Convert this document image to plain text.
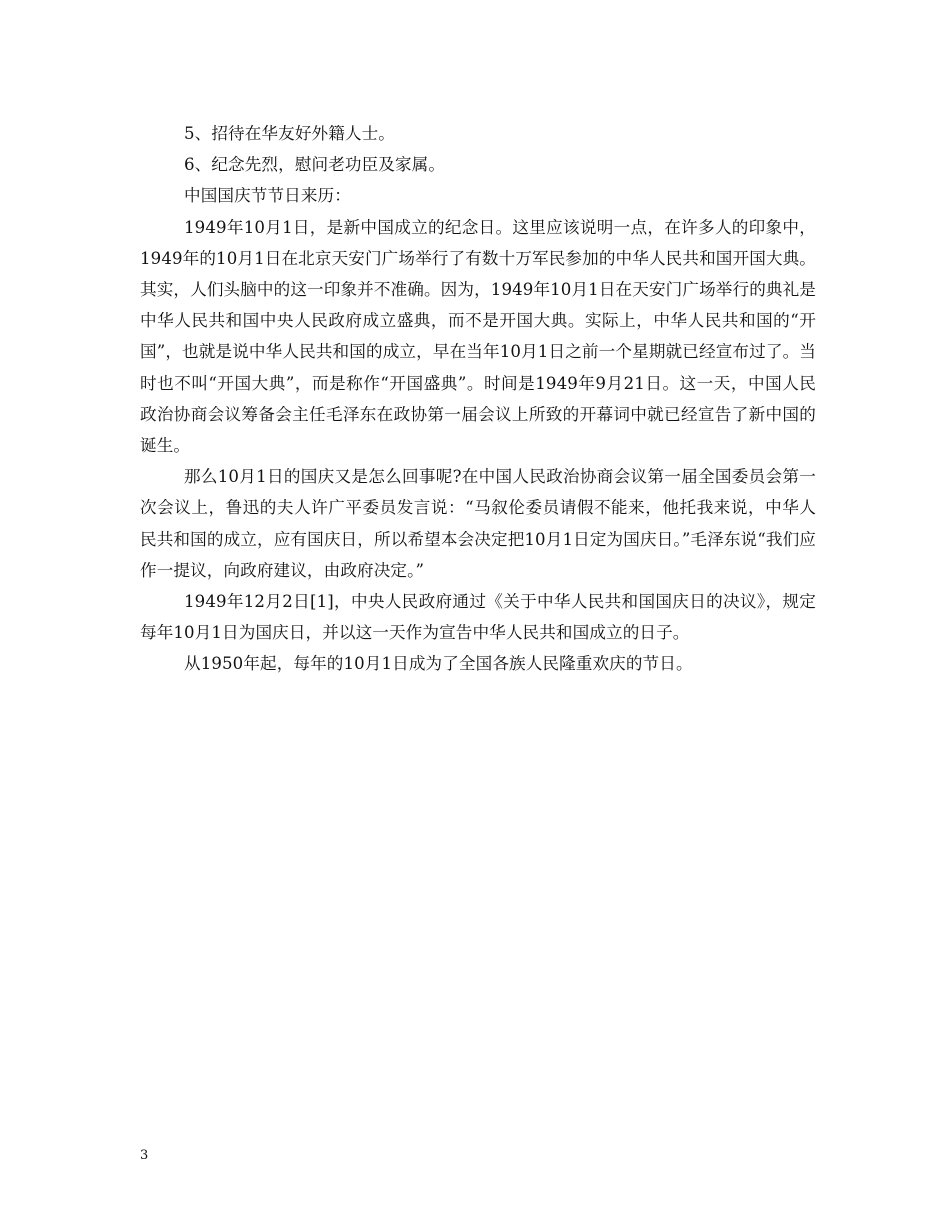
5、招待在华友好外籍人士。

6、纪念先烈，慰问老功臣及家属。

中国国庆节节日来历：

1949年10月1日，是新中国成立的纪念日。这里应该说明一点，在许多人的印象中，1949年的10月1日在北京天安门广场举行了有数十万军民参加的中华人民共和国开国大典。其实，人们头脑中的这一印象并不准确。因为，1949年10月1日在天安门广场举行的典礼是中华人民共和国中央人民政府成立盛典，而不是开国大典。实际上，中华人民共和国的“开国”，也就是说中华人民共和国的成立，早在当年10月1日之前一个星期就已经宣布过了。当时也不叫“开国大典”，而是称作“开国盛典”。时间是1949年9月21日。这一天，中国人民政治协商会议筹备会主任毛泽东在政协第一届会议上所致的开幕词中就已经宣告了新中国的诞生。

那么10月1日的国庆又是怎么回事呢?在中国人民政治协商会议第一届全国委员会第一次会议上，鲁迅的夫人许广平委员发言说：“马叙伦委员请假不能来，他托我来说，中华人民共和国的成立，应有国庆日，所以希望本会决定把10月1日定为国庆日。”毛泽东说“我们应作一提议，向政府建议，由政府决定。”

1949年12月2日[1]，中央人民政府通过《关于中华人民共和国国庆日的决议》，规定每年10月1日为国庆日，并以这一天作为宣告中华人民共和国成立的日子。

从1950年起，每年的10月1日成为了全国各族人民隆重欢庆的节日。

3
